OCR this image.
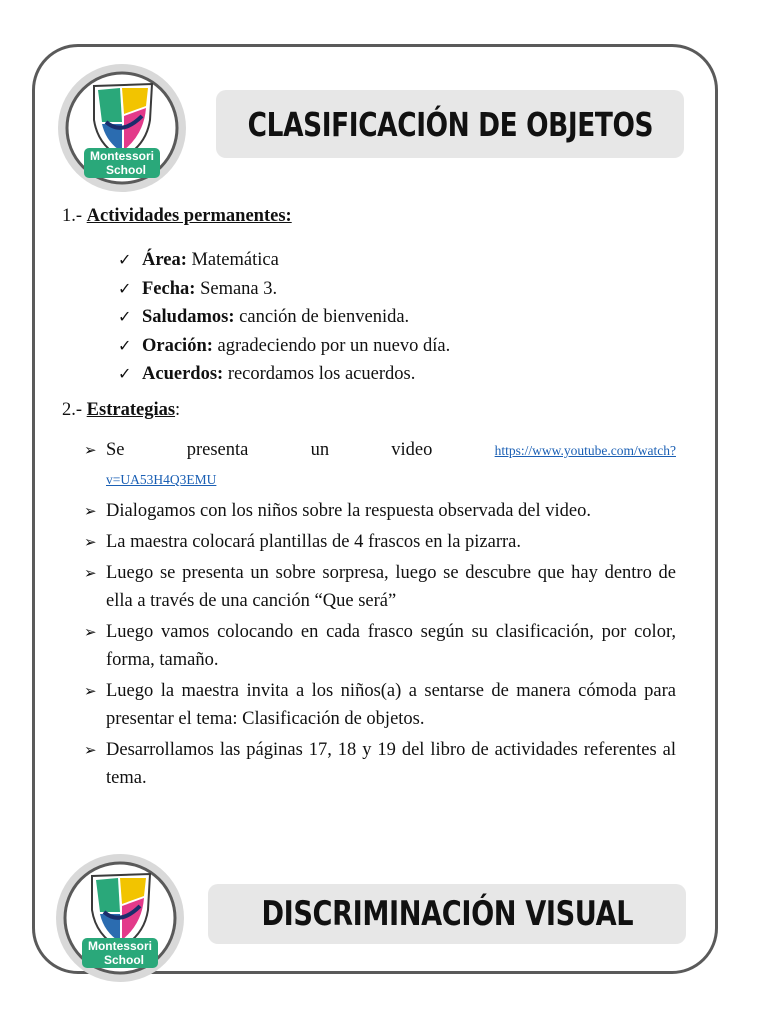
Montessori
School
CLASIFICACIÓN DE OBJETOS
1.- Actividades permanentes:
✓ Área: Matemática
✓ Fecha: Semana 3.
✓ Saludamos: canción de bienvenida.
✓ Oración: agradeciendo por un nuevo día.
✓ Acuerdos: recordamos los acuerdos.
2.- Estrategias:
➢ Se	presenta	un	video	https://www.youtube.com/watch?
v=UA53H4Q3EMU
➢ Dialogamos con los niños sobre la respuesta observada del video.
➢ La maestra colocará plantillas de 4 frascos en la pizarra.
➢ Luego se presenta un sobre sorpresa, luego se descubre que hay dentro de ella a través de una canción “Que será”
➢ Luego vamos colocando en cada frasco según su clasificación, por color, forma, tamaño.
➢ Luego la maestra invita a los niños(a) a sentarse de manera cómoda para presentar el tema: Clasificación de objetos.
➢ Desarrollamos las páginas 17, 18 y 19 del libro de actividades referentes al tema.
Montessori
School
DISCRIMINACIÓN VISUAL
